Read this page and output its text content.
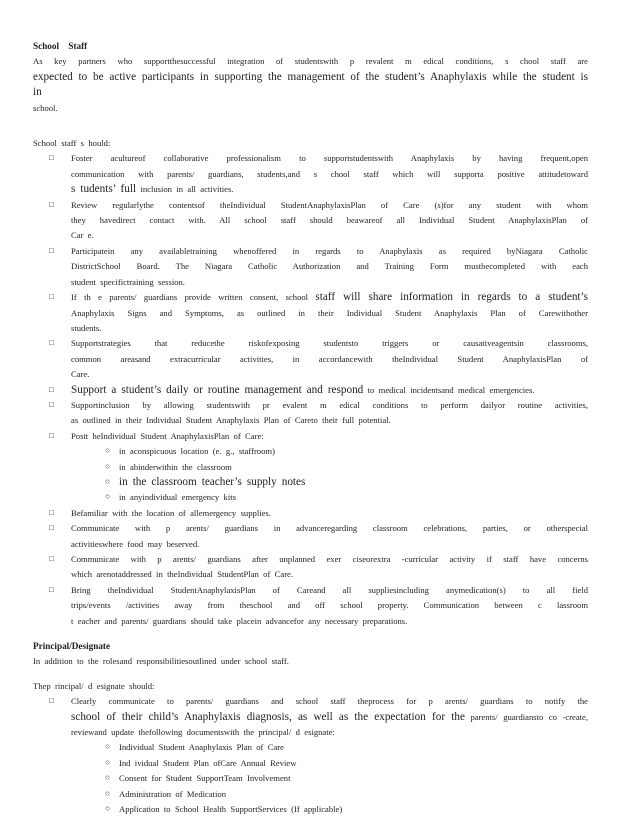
School Staff
As key partners who supportthesuccessful integration of studentswith p revalent m edical conditions, s chool staff are
expected to be active participants in supporting the management of the student’s Anaphylaxis while the student is in
school.
School staff s hould:
□ Foster acultureof collaborative professionalism to supportstudentswith Anaphylaxis by having frequent,open
communication with parents/ guardians, students,and s chool staff which will supporta positive attitudetoward
s tudents’ full inclusion in all activities.
□ Review regularlythe contentsof theIndividual StudentAnaphylaxisPlan of Care (s)for any student with whom
they havedirect contact with. All school staff should beawareof all Individual Student AnaphylaxisPlan of
Car e.
□ Participatein any availabletraining whenoffered in regards to Anaphylaxis as required byNiagara Catholic
DistrictSchool Board. The Niagara Catholic Authorization and Training Form mustbecompleted with each
student specifictraining session.
□ If th e parents/ guardians provide written consent, school staff will share information in regards to a student’s
Anaphylaxis Signs and Symptoms, as outlined in their Individual Student Anaphylaxis Plan of Carewithother
students.
□ Supportstrategies that reducethe riskofexposing studentsto triggers or causativeagentsin classrooms,
common areasand extracurricular activities, in accordancewith theIndividual Student AnaphylaxisPlan of
Care.
□ Support a student’s daily or routine management and respond to medical incidentsand medical emergencies.
□ Supportinclusion by allowing studentswith pr evalent m edical conditions to perform dailyor routine activities,
as outlined in their Individual Student Anaphylaxis Plan of Careto their full potential.
□ Postt heIndividual Student AnaphylaxisPlan of Care:
○ in aconspicuous location (e. g., staffroom)
○ in abinderwithin the classroom
○ in the classroom teacher’s supply notes
○ in anyindividual emergency kits
□ Befamiliar with the location of allemergency supplies.
□ Communicate with p arents/ guardians in advanceregarding classroom celebrations, parties, or otherspecial
activitieswhere food may beserved.
□ Communicate with p arents/ guardians after unplanned exer ciseorextra -curricular activity if staff have concerns
which arenotaddressed in theIndividual StudentPlan of Care.
□ Bring theIndividual StudentAnaphylaxisPlan of Careand all suppliesincluding anymedication(s) to all field
trips/events /activities away from theschool and off school property. Communication between c lassroom
t eacher and parents/ guardians should take placein advancefor any necessary preparations.
Principal/Designate
In addition to the rolesand responsibilitiesoutlined under school staff.
Thep rincipal/ d esignate should:
□ Clearly communicate to parents/ guardians and school staff theprocess for p arents/ guardians to notify the
school of their child’s Anaphylaxis diagnosis, as well as the expectation for the parents/ guardiansto co -create,
reviewand update thefollowing documentswith the principal/ d esignate:
○ Individual Student Anaphylaxis Plan of Care
○ Ind ividual Student Plan ofCare Annual Review
○ Consent for Student SupportTeam Involvement
○ Administration of Medication
○ Application to School Health SupportServices (If applicable)
